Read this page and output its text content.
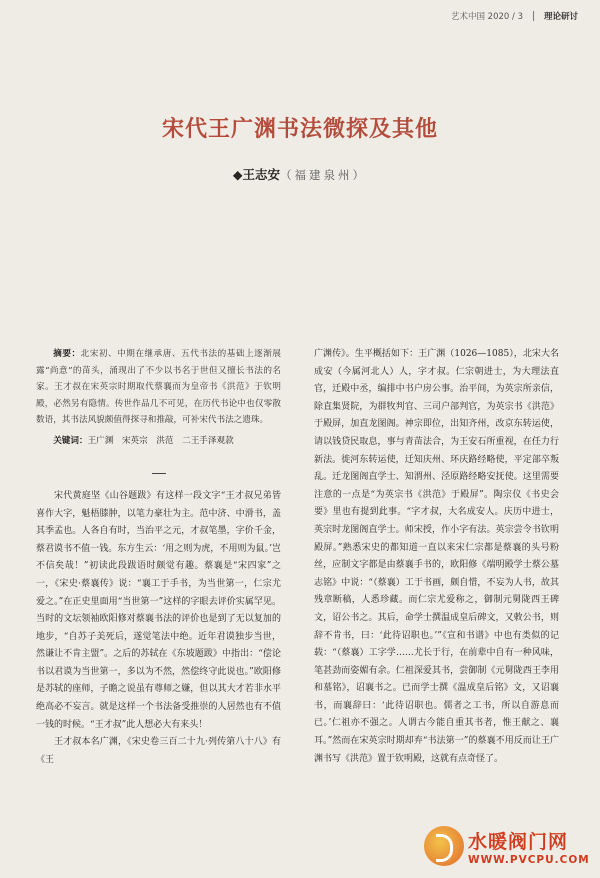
艺术中国 2020 / 3 理论研讨
宋代王广渊书法微探及其他
◆王志安（福建泉州）

摘要：北宋初、中期在继承唐、五代书法的基础上逐渐展露“尚意”的苗头，涌现出了不少以书名于世但又擅长书法的名家。王才叔在宋英宗时期取代蔡襄而为皇帝书《洪范》于钦明殿，必然另有隐情。传世作品几不可见，在历代书论中也仅零散数语，其书法风貌颇值得探寻和推敲，可补宋代书法之遗珠。

关键词：王广渊　宋英宗　洪范　二王手泽观款

宋代黄庭坚《山谷题跋》有这样一段文字“王才叔兄弟皆喜作大字，魁梧膝肿，以笔力豪壮为主。范中济、中滑书，盖其季孟也。人各自有时，当治平之元，才叔笔墨，字价千金，蔡君谟书不值一钱。东方生云：‘用之则为虎，不用则为鼠。’岂不信矣哉！”初读此段跋语时颇觉有趣。蔡襄是“宋四家”之一，《宋史·蔡襄传》说：“襄工于手书，为当世第一，仁宗尤爱之。”在正史里面用“当世第一”这样的字眼去评价实属罕见。当时的文坛领袖欧阳修对蔡襄书法的评价也是到了无以复加的地步，“自苏子美死后，遂觉笔法中绝。近年君谟独步当世，然谦让不肯主盟”。之后的苏轼在《东坡题跋》中指出：“偿论书以君谟为当世第一，多以为不然，然偿终守此说也。”欧阳修是苏轼的座师，子瞻之说虽有尊师之嫌，但以其大才若非水平绝高必不妄言。就是这样一个书法备受推崇的人居然也有不值一钱的时候。“王才叔”此人想必大有来头！

王才叔本名广渊，《宋史卷三百二十九·列传第八十八》有《王

广渊传》。生平概括如下：王广渊（1026—1085），北宋大名成安（今属河北人）人，字才叔。仁宗朝进士，为大理法直官，迁殿中丞，编排中书户房公事。治平间，为英宗所亲信，除直集贤院，为群牧判官、三司户部判官，为英宗书《洪范》于殿屏，加直龙图阁。神宗即位，出知齐州，改京东转运使，请以钱贷民取息，事与青苗法合，为王安石所重视，在任力行新法。徙河东转运使，迁知庆州、环庆路经略使，平定部卒叛乱。迁龙图阁直学士、知渭州、泾原路经略安抚使。这里需要注意的一点是“为英宗书《洪范》于殿屏”。陶宗仪《书史会要》里也有提到此事。“字才叔，大名成安人。庆历中进士，英宗时龙图阁直学士。师宋授，作小字有法。英宗尝令书钦明殿屏。”熟悉宋史的都知道一直以来宋仁宗都是蔡襄的头号粉丝，应制文字都是由蔡襄手书的，欧阳修《端明殿学士蔡公墓志铭》中说：“（蔡襄）工于书画，颇自惜，不妄为人书，故其残章断稿，人悉珍藏。而仁宗尤爱称之，御制元舅陇西王碑文，诏公书之。其后，命学士撰温成皇后碑文，又敕公书，则辞不肯书，曰：‘此待诏职也。’”《宣和书谱》中也有类似的记载：“（蔡襄）工字学……尤长于行，在前辈中自有一种风味，笔甚劲而姿媚有余。仁祖深爱其书，尝御制《元舅陇西王李用和墓铭》，诏襄书之。已而学士撰《温成皇后铭》文，又诏襄书，而襄辞曰：‘此待诏职也。儒者之工书，所以自游息而已。’仁祖亦不强之。人谓古今能自重其书者，惟王献之、襄耳。”然而在宋英宗时期却弃“书法第一”的蔡襄不用反而让王广渊书写《洪范》置于钦明殿，这就有点奇怪了。

水暖阀门网
WWW.PVCPU.COM
